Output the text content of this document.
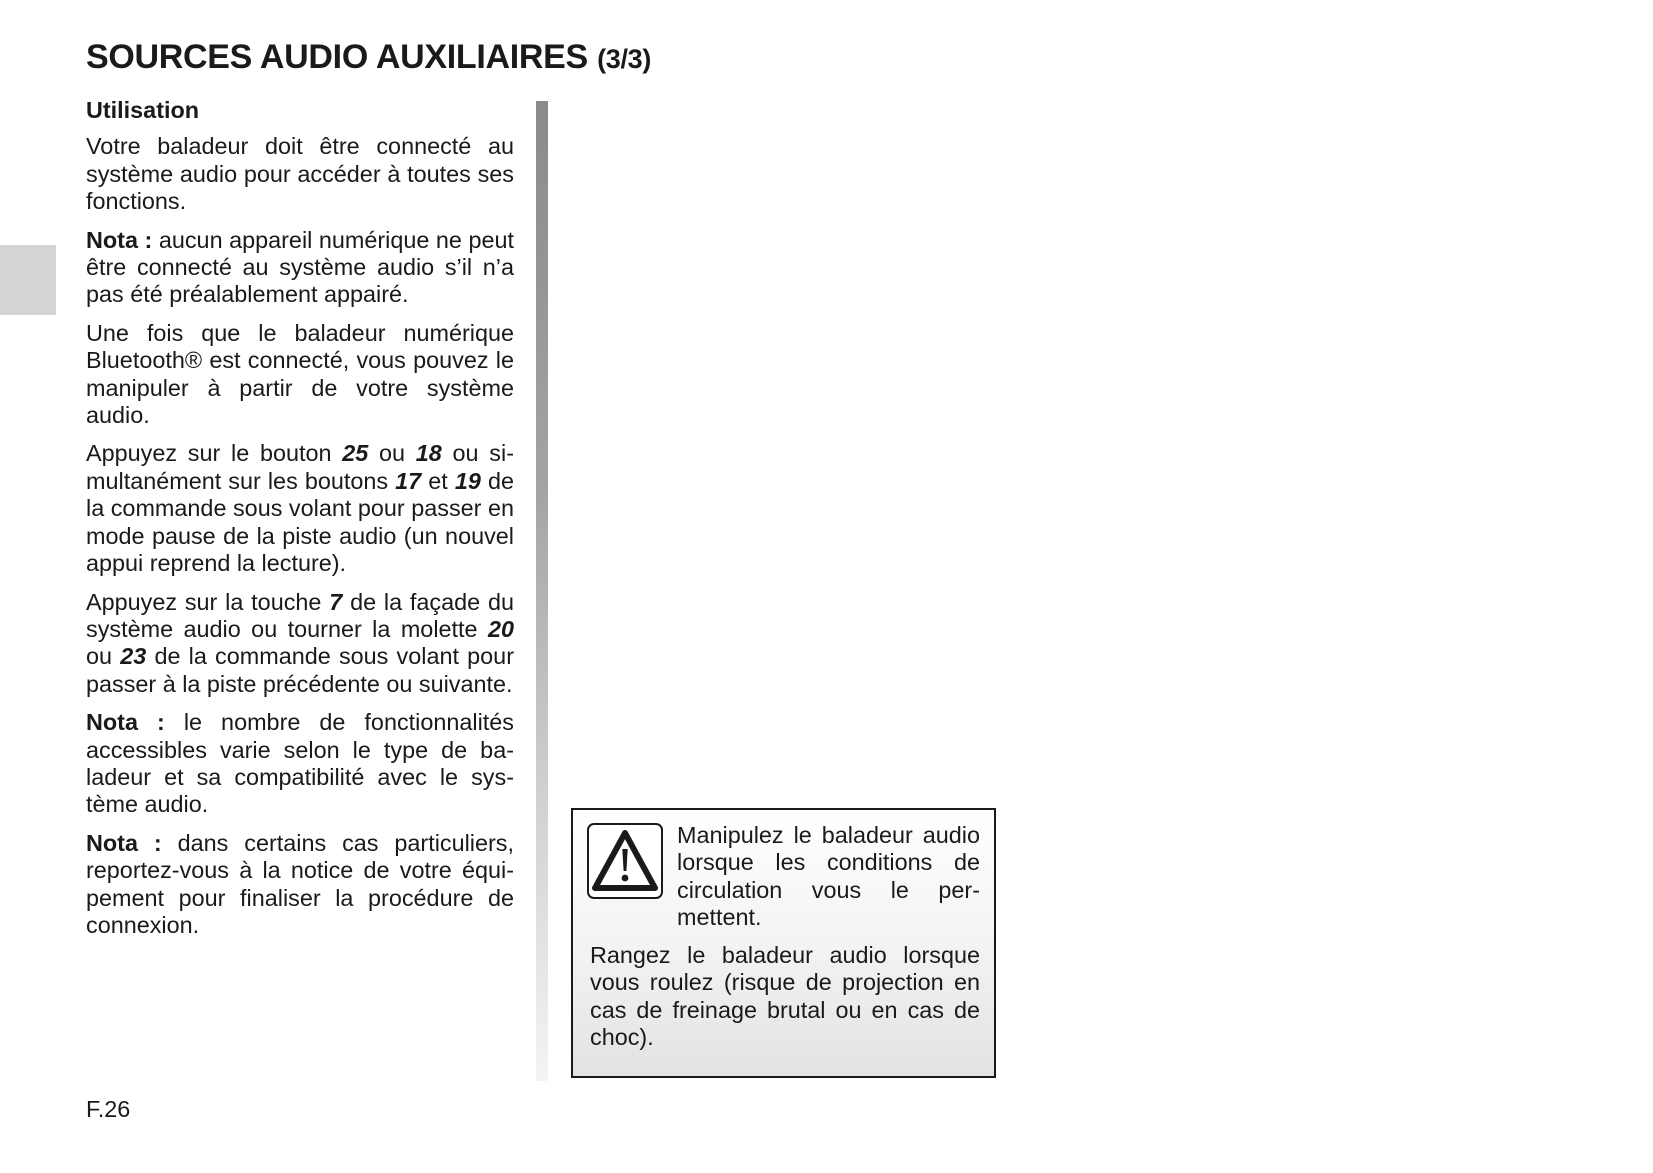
SOURCES AUDIO AUXILIAIRES (3/3)
Utilisation

Votre baladeur doit être connecté au système audio pour accéder à toutes ses fonctions.

Nota : aucun appareil numérique ne peut être connecté au système audio s’il n’a pas été préalablement appairé.

Une fois que le baladeur numérique Bluetooth® est connecté, vous pouvez le manipuler à partir de votre système audio.

Appuyez sur le bouton 25 ou 18 ou simultanément sur les boutons 17 et 19 de la commande sous volant pour passer en mode pause de la piste audio (un nouvel appui reprend la lecture).

Appuyez sur la touche 7 de la façade du système audio ou tourner la molette 20 ou 23 de la commande sous volant pour passer à la piste précédente ou suivante.

Nota : le nombre de fonctionnalités accessibles varie selon le type de baladeur et sa compatibilité avec le système audio.

Nota : dans certains cas particuliers, reportez-vous à la notice de votre équipement pour finaliser la procédure de connexion.

Manipulez le baladeur audio lorsque les conditions de circulation vous le permettent.

Rangez le baladeur audio lorsque vous roulez (risque de projection en cas de freinage brutal ou en cas de choc).

F.26
